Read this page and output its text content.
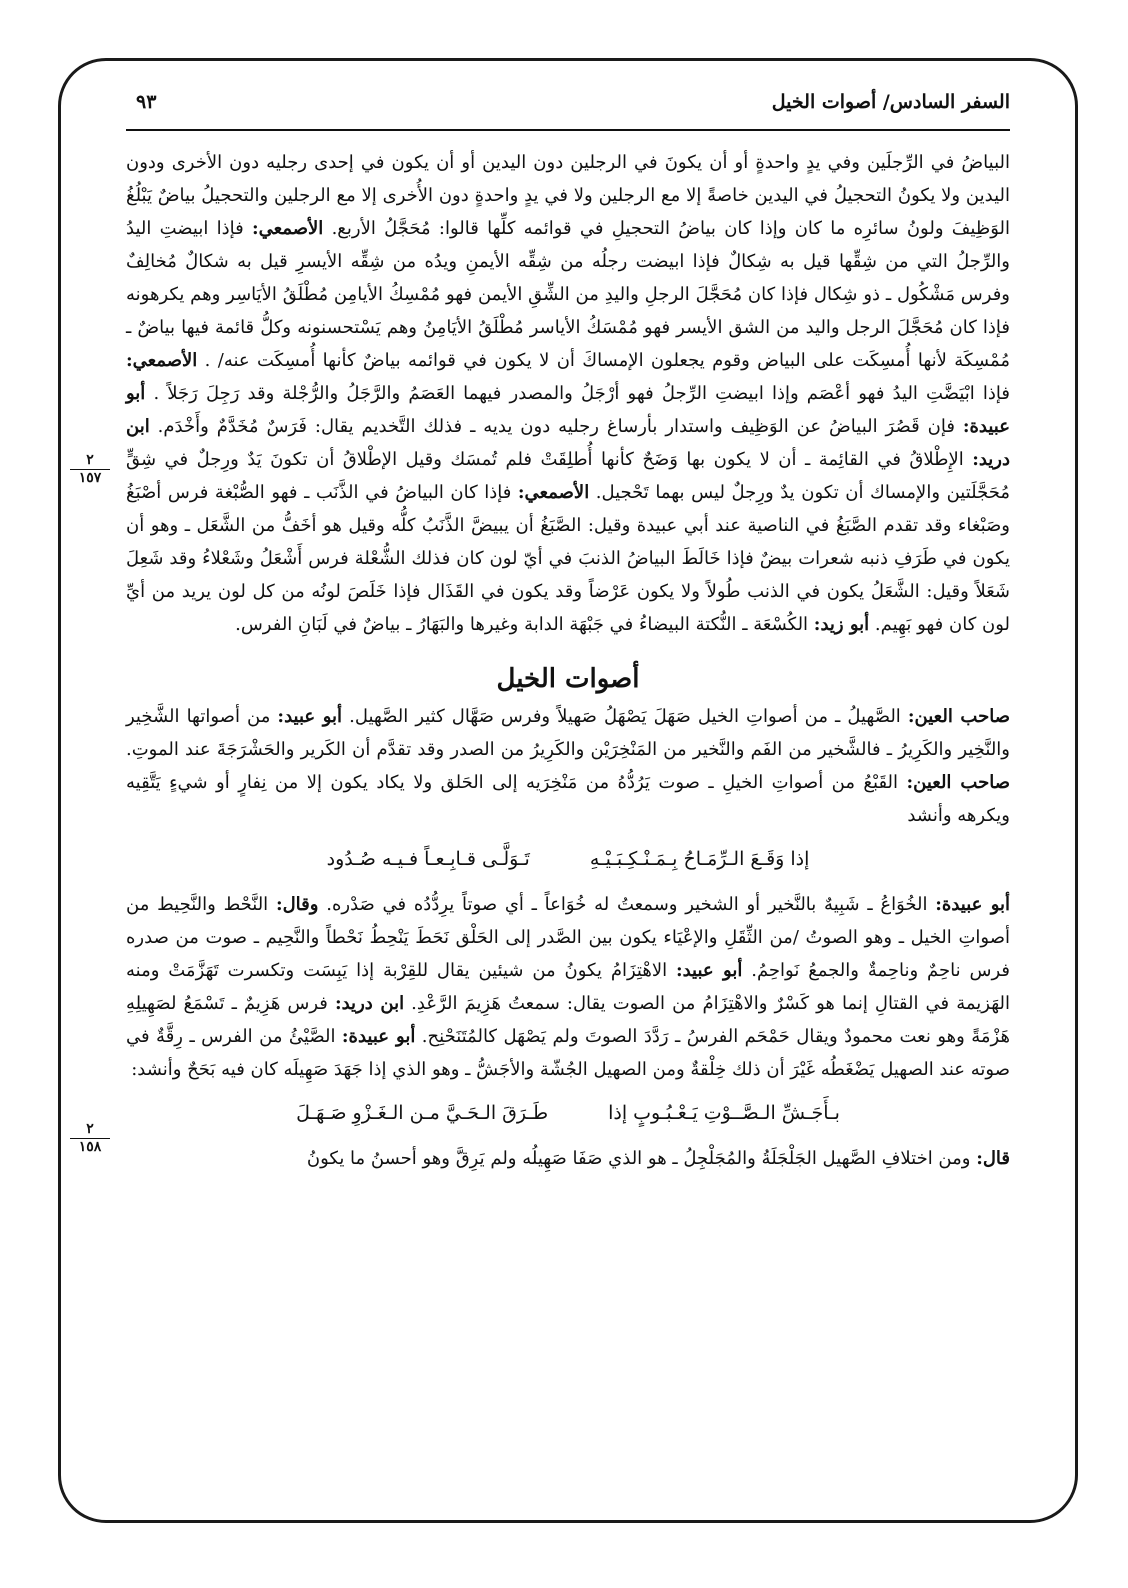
السفر السادس/ أصوات الخيل
٩٣
٢
١٥٧
٢
١٥٨

البياضُ في الرِّجلَين وفي يدٍ واحدةٍ أو أن يكونَ في الرجلين دون اليدين أو أن يكون في إحدى رجليه دون الأخرى ودون اليدين ولا يكونُ التحجيلُ في اليدين خاصةً إلا مع الرجلين ولا في يدٍ واحدةٍ دون الأُخرى إلا مع الرجلين والتحجيلُ بياضٌ يَبْلُغُ الوَظِيفَ ولونُ سائرِه ما كان وإذا كان بياضُ التحجيلِ في قوائمه كلِّها قالوا: مُحَجَّلُ الأربع. الأصمعي: فإذا ابيضتِ اليدُ والرِّجلُ التي من شِقِّها قيل به شِكالٌ فإذا ابيضت رجلُه من شِقِّه الأيمنِ ويدُه من شِقِّه الأيسرِ قيل به شكالٌ مُخالِفٌ وفرس مَشْكُول ـ ذو شِكال فإذا كان مُحَجَّلَ الرجلِ واليدِ من الشِّقِ الأيمن فهو مُمْسِكُ الأيامِن مُطْلَقُ الأيَاسِر وهم يكرهونه فإذا كان مُحَجَّلَ الرجل واليد من الشق الأيسر فهو مُمْسَكُ الأياسر مُطْلَقُ الأيَامِنُ وهم يَسْتحسنونه وكلُّ قائمة فيها بياضٌ ـ مُمْسِكَة لأنها أُمسِكَت على البياض وقوم يجعلون الإمساكَ أن لا يكون في قوائمه بياضٌ كأنها أُمسِكَت عنه/ . الأصمعي: فإذا ابْيَضَّتِ اليدُ فهو أعْصَم وإذا ابيضتِ الرِّجلُ فهو أرْجَلُ والمصدر فيهما العَصَمُ والرَّجَلُ والرُّجْلة وقد رَجِلَ رَجَلاً . أبو عبيدة: فإن قَصُرَ البياضُ عن الوَظِيف واستدار بأرساغ رجليه دون يديه ـ فذلك التَّخديم يقال: فَرَسٌ مُخَدَّمٌ وأَخْدَم. ابن دريد: الإِطْلاقُ في القائِمة ـ أن لا يكون بها وَضَحٌ كأنها أُطلِقَتْ فلم تُمسَك وقيل الإطْلاقُ أن تكونَ يَدٌ ورِجلٌ في شِقٍّ مُحَجَّلَتين والإمساك أن تكون يدٌ ورِجلٌ ليس بهما تَحْجيل. الأصمعي: فإذا كان البياضُ في الذَّنَب ـ فهو الصُّبْغة فرس أصْبَغُ وصَبْغاء وقد تقدم الصَّبَغُ في الناصية عند أبي عبيدة وقيل: الصَّبَغُ أن يبيضَّ الذَّنَبُ كلُّه وقيل هو أخَفُّ من الشَّعَل ـ وهو أن يكون في طَرَفِ ذنبه شعرات بيضٌ فإذا خَالَطَ البياضُ الذنبَ في أيّ لون كان فذلك الشُّعْلة فرس أَشْعَلُ وشَعْلاءُ وقد شَعِلَ شَعَلاً وقيل: الشَّعَلُ يكون في الذنب طُولاً ولا يكون عَرْضاً وقد يكون في القَذَال فإذا خَلَصَ لونُه من كل لون يريد من أيِّ لون كان فهو بَهِيم. أبو زيد: الكُسْعَة ـ النُّكتة البيضاءُ في جَبْهَة الدابة وغيرها والبَهَارُ ـ بياضٌ في لَبَانِ الفرس.

أصوات الخيل

صاحب العين: الصَّهيلُ ـ من أصواتِ الخيل صَهَلَ يَصْهَلُ صَهيلاً وفرس صَهَّال كثير الصَّهيل. أبو عبيد: من أصواتها الشَّخِير والنَّخِير والكَرِيرُ ـ فالشَّخير من الفَم والنَّخير من المَنْخِرَيْن والكَرِيرُ من الصدر وقد تقدَّم أن الكَرير والحَشْرَجَةَ عند الموتِ. صاحب العين: القَبْعُ من أصواتِ الخيلِ ـ صوت يَرُدُّهُ من مَنْخِرَيه إلى الحَلق ولا يكاد يكون إلا من نِفارٍ أو شيءٍ يَتَّقِيه ويكرهه وأنشد

إذا وَقَـعَ الـرِّمَـاحُ بِـمَـنْـكِـبَـيْـهِ
تَـوَلَّـى قـابِـعـاً فـيـه صُـدُود

أبو عبيدة: الخُوَاعُ ـ شَبِيهٌ بالنَّخير أو الشخير وسمعتُ له خُوَاعاً ـ أي صوتاً يرِدُّدُه في صَدْره. وقال: النَّحْط والنَّحِيط من أصواتِ الخيل ـ وهو الصوتُ /من الثِّقَلِ والإعْيَاء يكون بين الصَّدر إلى الحَلْق نَحَطَ يَنْحِطُ نَحْطاً والنَّحِيم ـ صوت من صدره فرس ناحِمٌ وناحِمةٌ والجمعُ نَواحِمُ. أبو عبيد: الاهْتِزَامُ يكونُ من شيئين يقال للقِرْبة إذا يَبِسَت وتكسرت تَهَزَّمَتْ ومنه الهَزيمة في القتالِ إنما هو كَسْرٌ والاهْتِزَامُ من الصوت يقال: سمعتُ هَزِيمَ الرَّعْدِ. ابن دريد: فرس هَزِيمٌ ـ تَسْمَعُ لصَهِيلِهِ هَزْمَةً وهو نعت محمودٌ ويقال حَمْحَم الفرسُ ـ رَدَّدَ الصوتَ ولم يَصْهَل كالمُتَنَحْنِح. أبو عبيدة: الصَّيْئُ من الفرس ـ رِقَّةٌ في صوته عند الصهيل يَضْغَطُه غَيْرَ أن ذلك خِلْقةٌ ومن الصهيل الجُشّة والأجَشُّ ـ وهو الذي إذا جَهَدَ صَهِيلَه كان فيه بَحَحٌ وأنشد:

بـأَجَـشِّ الـصَّــوْتِ يَـعْـبُـوبٍ إذا
طَـرَقَ الـحَـيَّ مـن الـغَـزْوِ صَـهَـلَ

قال: ومن اختلافِ الصَّهيل الجَلْجَلَةُ والمُجَلْجِلُ ـ هو الذي صَفَا صَهِيلُه ولم يَرِقَّ وهو أحسنُ ما يكونُ
